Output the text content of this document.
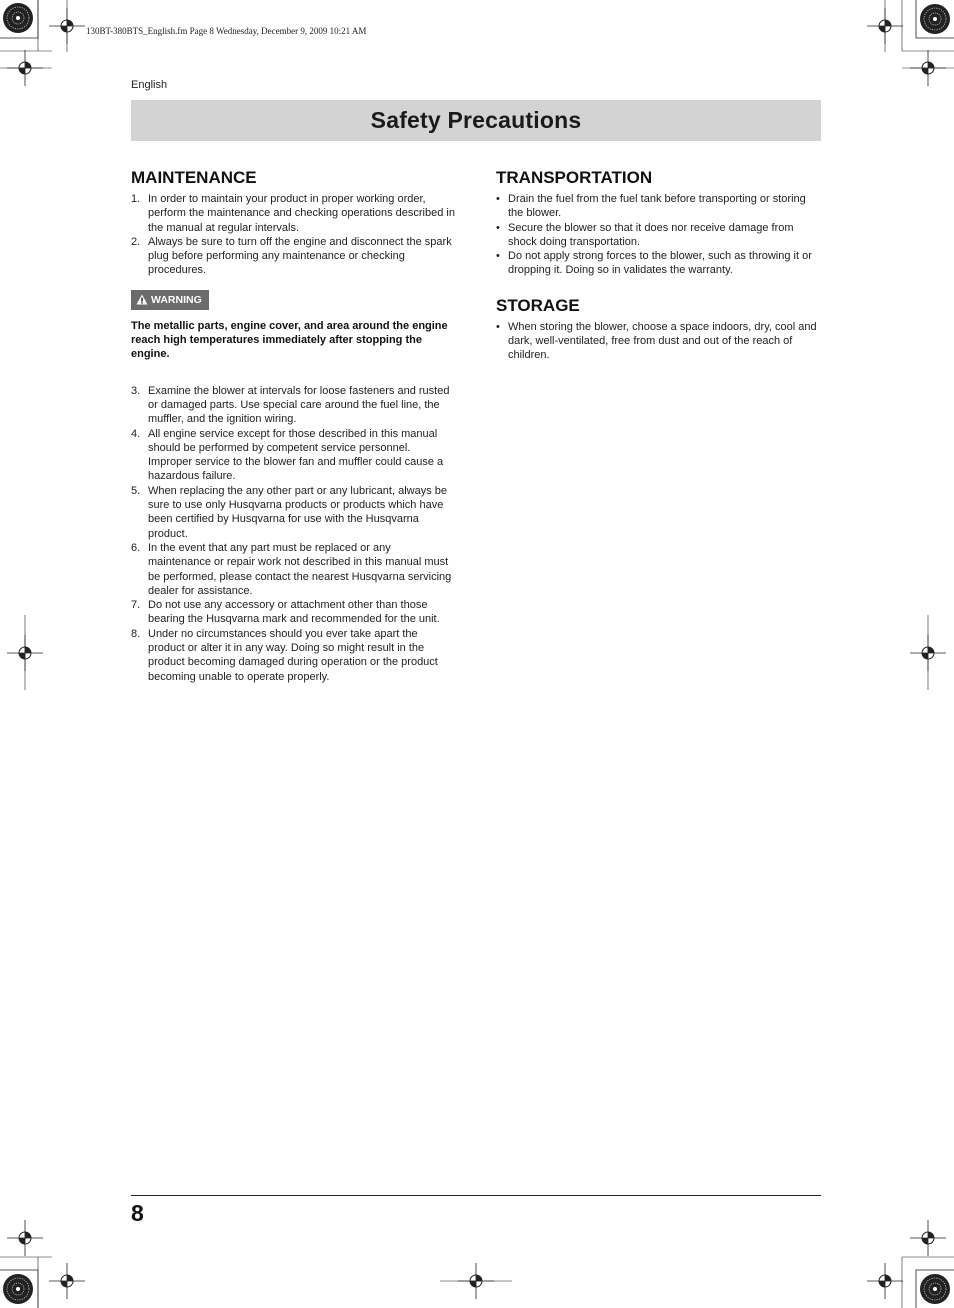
130BT-380BTS_English.fm Page 8 Wednesday, December 9, 2009 10:21 AM
English
Safety Precautions
MAINTENANCE
1. In order to maintain your product in proper working order, perform the maintenance and checking operations described in the manual at regular intervals.
2. Always be sure to turn off the engine and disconnect the spark plug before performing any maintenance or checking procedures.
WARNING
The metallic parts, engine cover, and area around the engine reach high temperatures immediately after stopping the engine.
3. Examine the blower at intervals for loose fasteners and rusted or damaged parts. Use special care around the fuel line, the muffler, and the ignition wiring.
4. All engine service except for those described in this manual should be performed by competent service personnel. Improper service to the blower fan and muffler could cause a hazardous failure.
5. When replacing the any other part or any lubricant, always be sure to use only Husqvarna products or products which have been certified by Husqvarna for use with the Husqvarna product.
6. In the event that any part must be replaced or any maintenance or repair work not described in this manual must be performed, please contact the nearest Husqvarna servicing dealer for assistance.
7. Do not use any accessory or attachment other than those bearing the Husqvarna mark and recommended for the unit.
8. Under no circumstances should you ever take apart the product or alter it in any way. Doing so might result in the product becoming damaged during operation or the product becoming unable to operate properly.
TRANSPORTATION
• Drain the fuel from the fuel tank before transporting or storing the blower.
• Secure the blower so that it does nor receive damage from shock doing transportation.
• Do not apply strong forces to the blower, such as throwing it or dropping it. Doing so in validates the warranty.
STORAGE
• When storing the blower, choose a space indoors, dry, cool and dark, well-ventilated, free from dust and out of the reach of children.
8
